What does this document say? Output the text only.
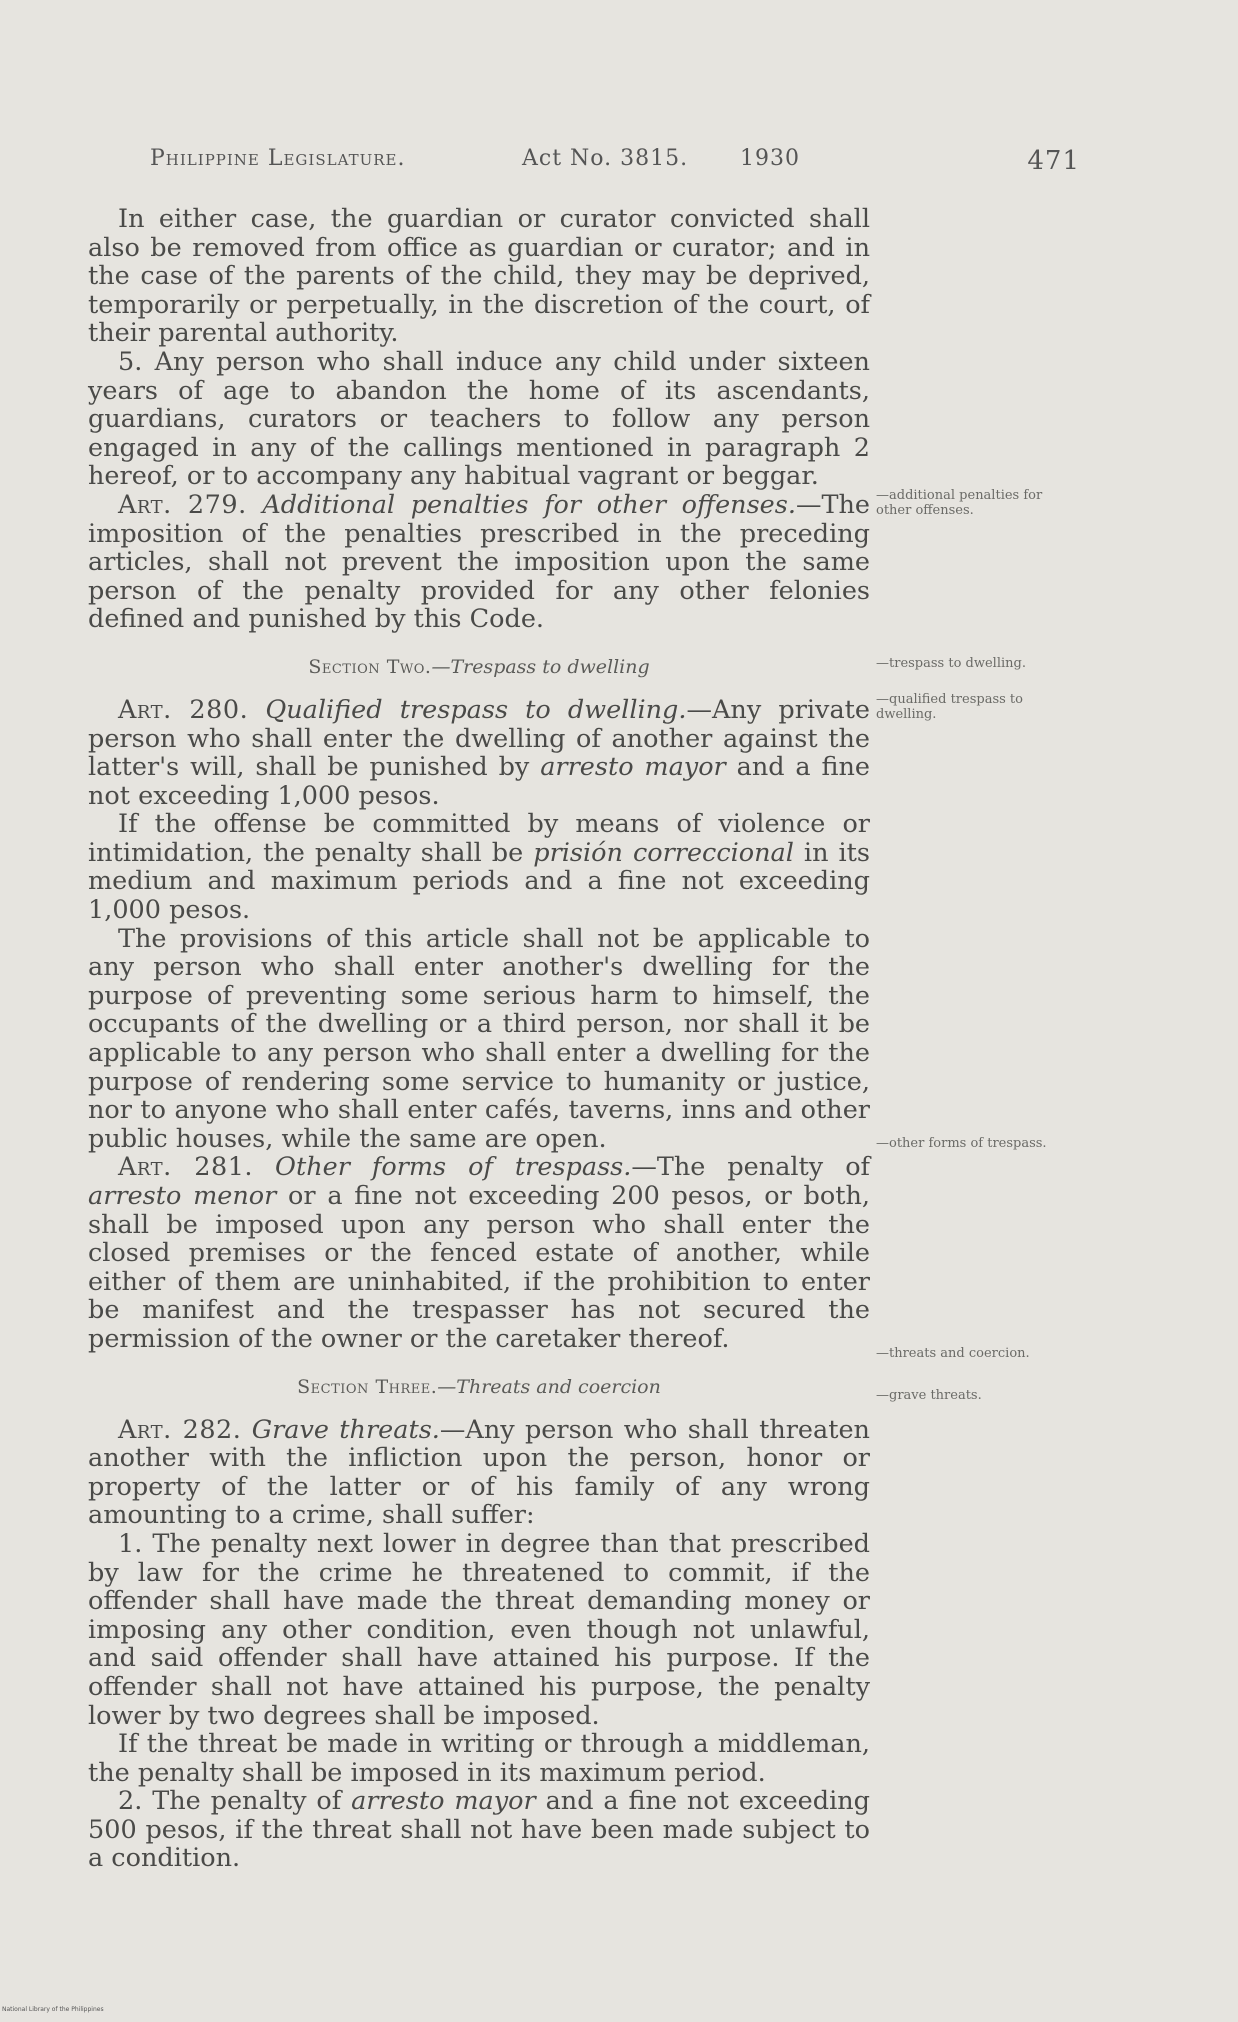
Philippine Legislature.	Act No. 3815. 1930	471

In either case, the guardian or curator convicted shall also be removed from office as guardian or curator; and in the case of the parents of the child, they may be deprived, temporarily or perpetually, in the discretion of the court, of their parental authority.

5. Any person who shall induce any child under sixteen years of age to abandon the home of its ascendants, guardians, curators or teachers to follow any person engaged in any of the callings mentioned in paragraph 2 hereof, or to accompany any habitual vagrant or beggar.

Art. 279. Additional penalties for other offenses.—The imposition of the penalties prescribed in the preceding articles, shall not prevent the imposition upon the same person of the penalty provided for any other felonies defined and punished by this Code.

Section Two.—Trespass to dwelling

Art. 280. Qualified trespass to dwelling.—Any private person who shall enter the dwelling of another against the latter's will, shall be punished by arresto mayor and a fine not exceeding 1,000 pesos.

If the offense be committed by means of violence or intimidation, the penalty shall be prisión correccional in its medium and maximum periods and a fine not exceeding 1,000 pesos.

The provisions of this article shall not be applicable to any person who shall enter another's dwelling for the purpose of preventing some serious harm to himself, the occupants of the dwelling or a third person, nor shall it be applicable to any person who shall enter a dwelling for the purpose of rendering some service to humanity or justice, nor to anyone who shall enter cafés, taverns, inns and other public houses, while the same are open.

Art. 281. Other forms of trespass.—The penalty of arresto menor or a fine not exceeding 200 pesos, or both, shall be imposed upon any person who shall enter the closed premises or the fenced estate of another, while either of them are uninhabited, if the prohibition to enter be manifest and the trespasser has not secured the permission of the owner or the caretaker thereof.

Section Three.—Threats and coercion

Art. 282. Grave threats.—Any person who shall threaten another with the infliction upon the person, honor or property of the latter or of his family of any wrong amounting to a crime, shall suffer:

1. The penalty next lower in degree than that prescribed by law for the crime he threatened to commit, if the offender shall have made the threat demanding money or imposing any other condition, even though not unlawful, and said offender shall have attained his purpose. If the offender shall not have attained his purpose, the penalty lower by two degrees shall be imposed.

If the threat be made in writing or through a middleman, the penalty shall be imposed in its maximum period.

2. The penalty of arresto mayor and a fine not exceeding 500 pesos, if the threat shall not have been made subject to a condition.

—additional penalties for other offenses.
—trespass to dwelling.
—qualified trespass to dwelling.
—other forms of trespass.
—threats and coercion.
—grave threats.
National Library of the Philippines
